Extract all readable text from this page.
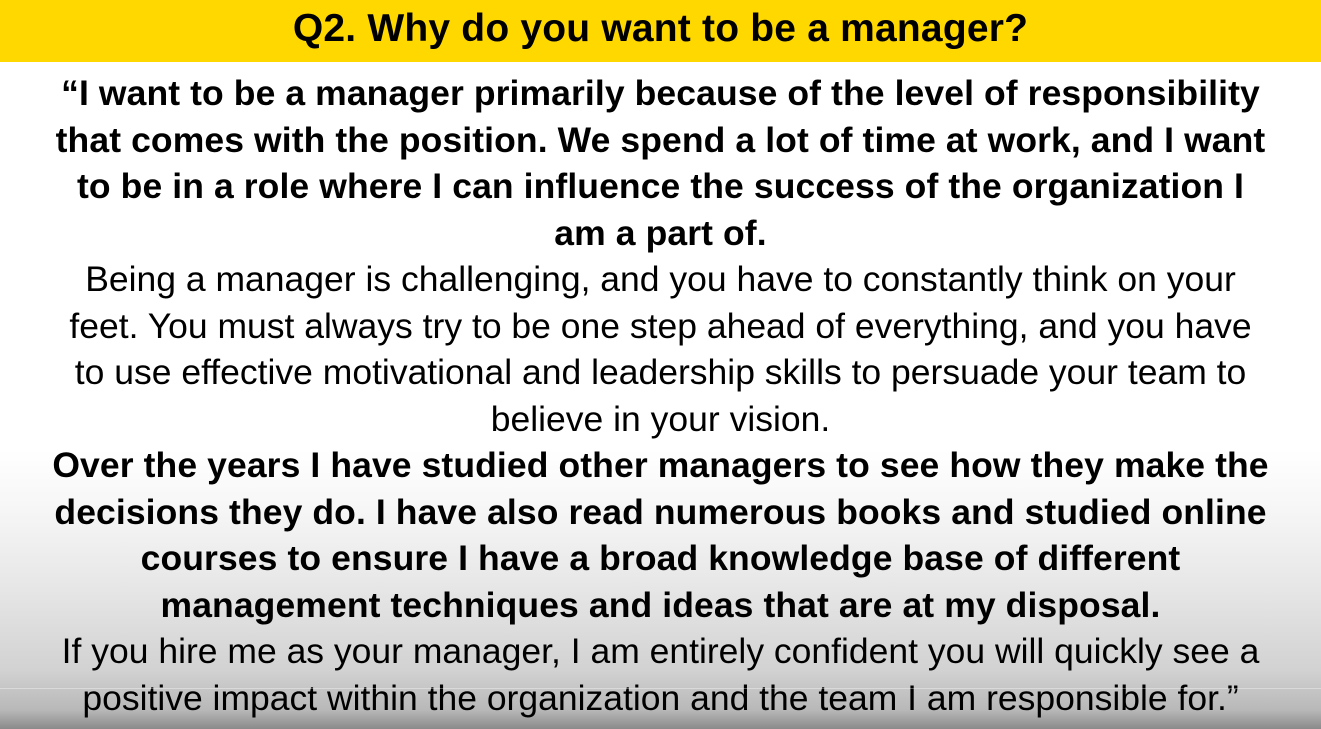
Q2. Why do you want to be a manager?

“I want to be a manager primarily because of the level of responsibility
that comes with the position. We spend a lot of time at work, and I want
to be in a role where I can influence the success of the organization I
am a part of.

Being a manager is challenging, and you have to constantly think on your
feet. You must always try to be one step ahead of everything, and you have
to use effective motivational and leadership skills to persuade your team to
believe in your vision.

Over the years I have studied other managers to see how they make the
decisions they do. I have also read numerous books and studied online
courses to ensure I have a broad knowledge base of different
management techniques and ideas that are at my disposal.

If you hire me as your manager, I am entirely confident you will quickly see a
positive impact within the organization and the team I am responsible for.”
